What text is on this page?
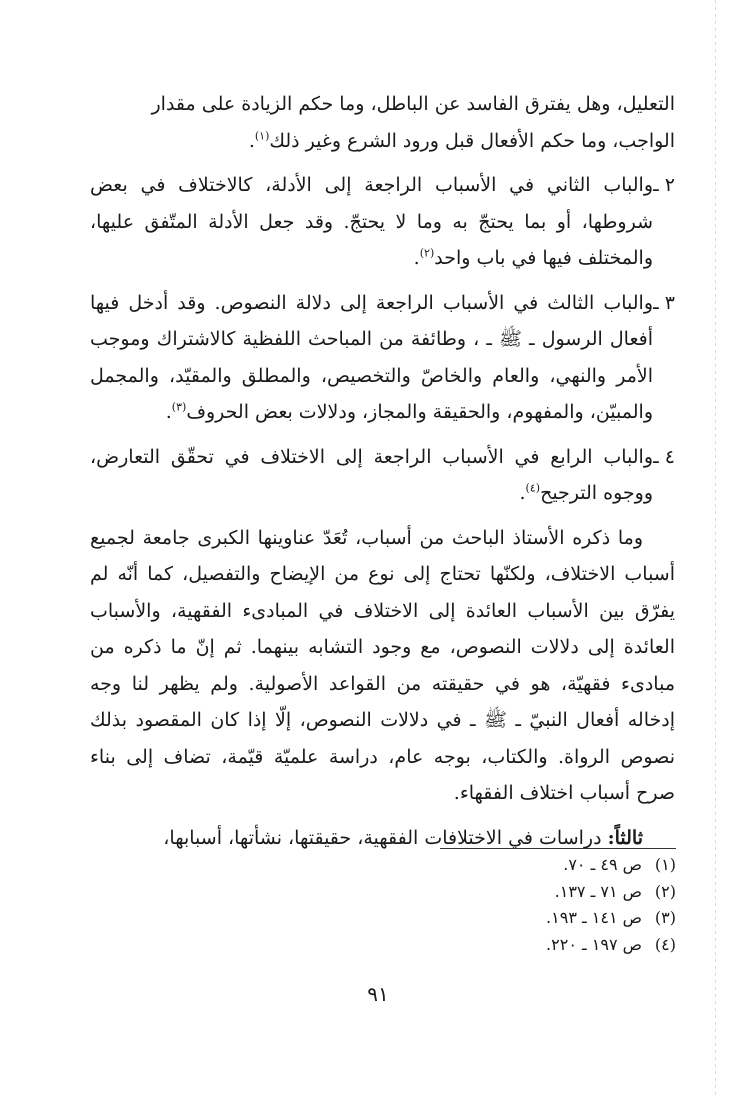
التعليل، وهل يفترق الفاسد عن الباطل، وما حكم الزيادة على مقدار
الواجب، وما حكم الأفعال قبل ورود الشرع وغير ذلك$^{(١)}$.

٢ ـ
والباب الثاني في الأسباب الراجعة إلى الأدلة، كالاختلاف في بعض شروطها، أو بما يحتجّ به وما لا يحتجّ. وقد جعل الأدلة المتّفق عليها، والمختلف فيها في باب واحد$^{(٢)}$.
٣ ـ
والباب الثالث في الأسباب الراجعة إلى دلالة النصوص. وقد أدخل فيها أفعال الرسول ـ ﷺ ـ ، وطائفة من المباحث اللفظية كالاشتراك وموجب الأمر والنهي، والعام والخاصّ والتخصيص، والمطلق والمقيّد، والمجمل والمبيّن، والمفهوم، والحقيقة والمجاز، ودلالات بعض الحروف$^{(٣)}$.
٤ ـ
والباب الرابع في الأسباب الراجعة إلى الاختلاف في تحقّق التعارض، ووجوه الترجيح$^{(٤)}$.

وما ذكره الأستاذ الباحث من أسباب، تُعَدّ عناوينها الكبرى جامعة لجميع أسباب الاختلاف، ولكنّها تحتاج إلى نوع من الإيضاح والتفصيل، كما أنّه لم يفرّق بين الأسباب العائدة إلى الاختلاف في المبادىء الفقهية، والأسباب العائدة إلى دلالات النصوص، مع وجود التشابه بينهما. ثم إنّ ما ذكره من مبادىء فقهيّة، هو في حقيقته من القواعد الأصولية. ولم يظهر لنا وجه إدخاله أفعال النبيّ ـ ﷺ ـ في دلالات النصوص، إلّا إذا كان المقصود بذلك نصوص الرواة. والكتاب، بوجه عام، دراسة علميّة قيّمة، تضاف إلى بناء صرح أسباب اختلاف الفقهاء.

ثالثاً: دراسات في الاختلافات الفقهية، حقيقتها، نشأتها، أسبابها،

(١)
ص ٤٩ ـ ٧٠.
(٢)
ص ٧١ ـ ١٣٧.
(٣)
ص ١٤١ ـ ١٩٣.
(٤)
ص ١٩٧ ـ ٢٢٠.
٩١
